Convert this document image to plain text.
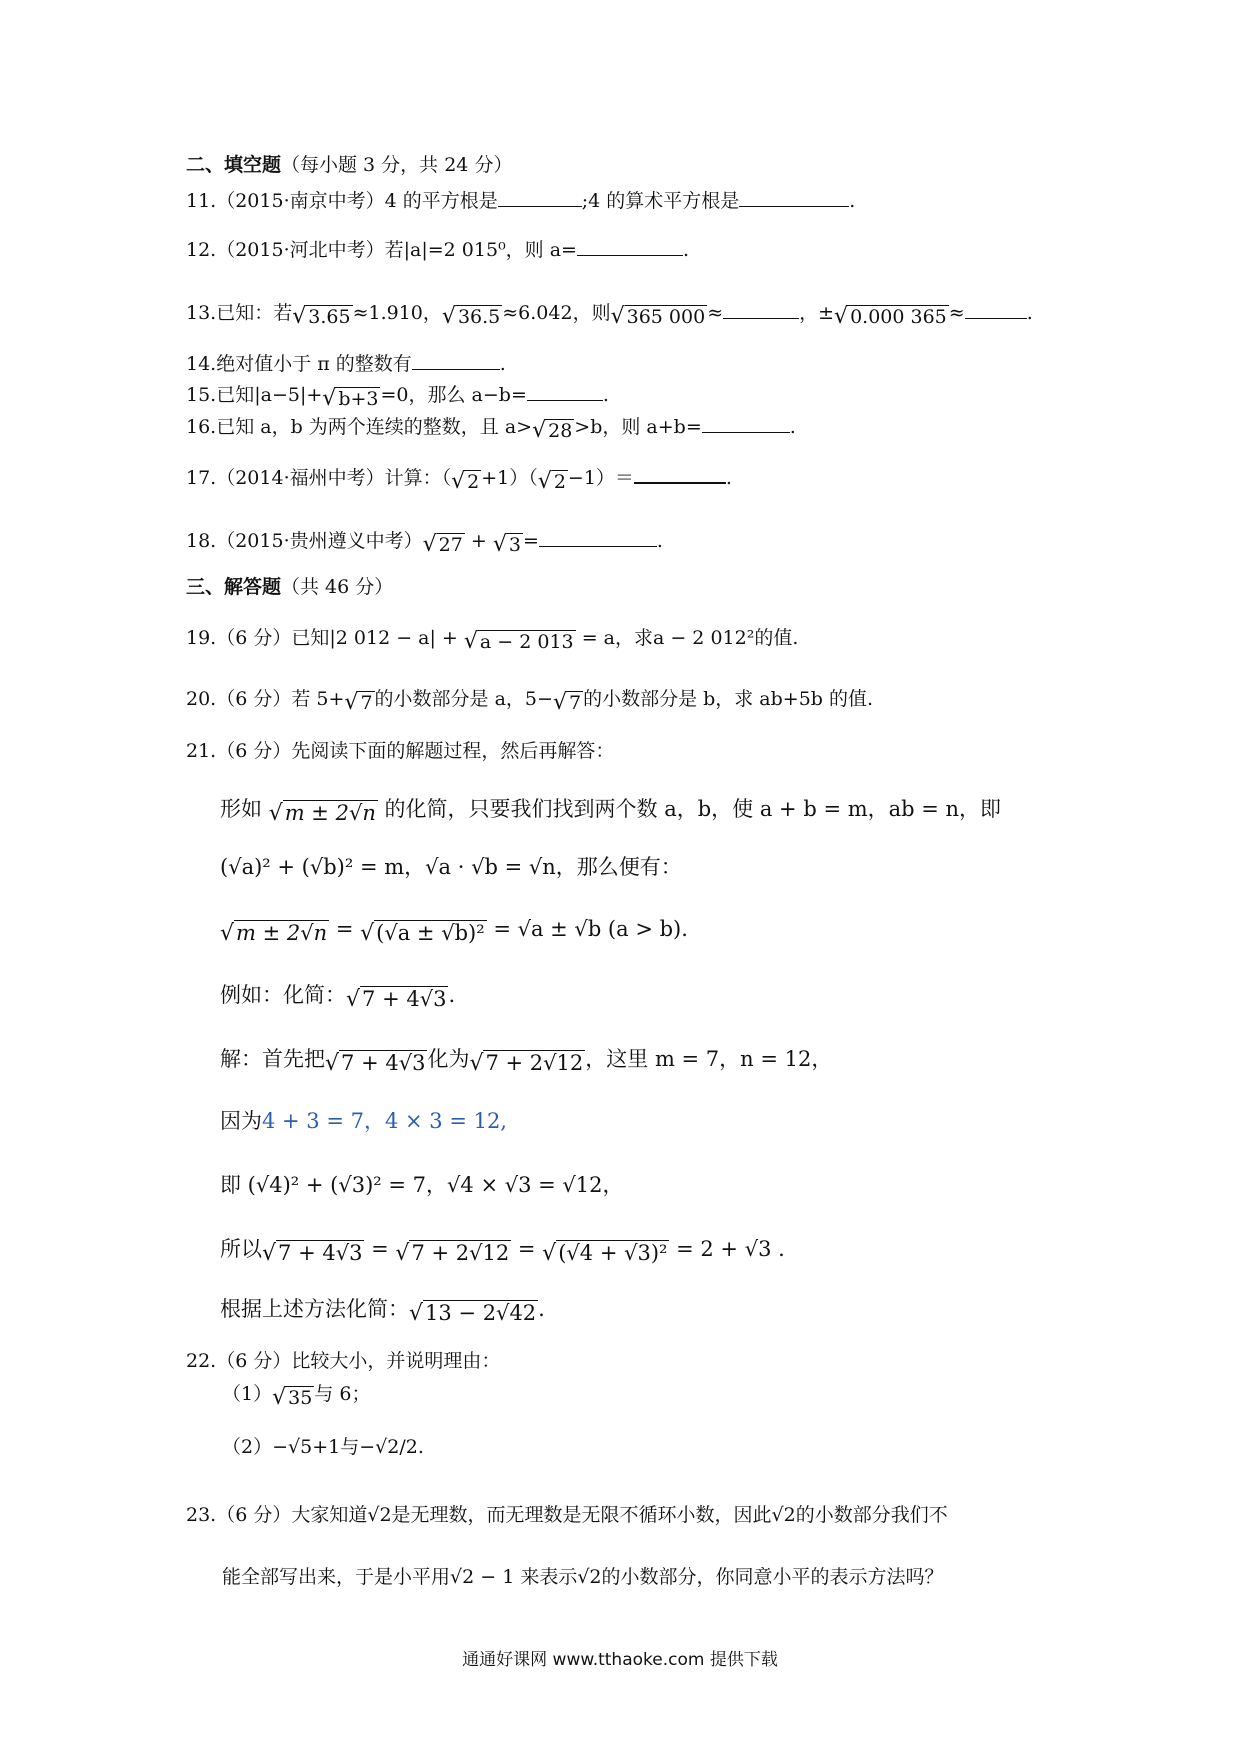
二、填空题（每小题 3 分，共 24 分）
11.（2015·南京中考）4 的平方根是	;4 的算术平方根是	.
12.（2015·河北中考）若|a|=2 015⁰，则 a=	.
13.已知：若√ 3.65 ≈1.910，√ 36.5 ≈6.042，则√ 365 000 ≈	，±√ 0.000 365 ≈	.
14.绝对值小于 π 的整数有	.
15.已知|a−5|+√ b+3 =0，那么 a−b=	.
16.已知 a，b 为两个连续的整数，且 a>√ 28 >b，则 a+b=	.
17.（2014·福州中考）计算：（√ 2 +1）（√ 2 −1）＝	.
18.（2015·贵州遵义中考）√ 27 + √ 3 =	.
三、解答题（共 46 分）
19.（6 分）已知|2 012 − a| + √ a − 2 013 = a，求a − 2 012²的值.
20.（6 分）若 5+√ 7 的小数部分是 a，5−√ 7 的小数部分是 b，求 ab+5b 的值.
21.（6 分）先阅读下面的解题过程，然后再解答：
形如 √m ± 2√n 的化简，只要我们找到两个数 a，b，使 a + b = m，ab = n，即
(√a)² + (√b)² = m，√a · √b = √n，那么便有：
√m ± 2√n = √(√a ± √b)² = √a ± √b (a > b).
例如：化简：√7 + 4√3.
解：首先把√7 + 4√3化为√7 + 2√12，这里 m = 7，n = 12，
因为4 + 3 = 7，4 × 3 = 12,
即 (√4)² + (√3)² = 7，√4 × √3 = √12，
所以√7 + 4√3 = √7 + 2√12 = √(√4 + √3)² = 2 + √3 .
根据上述方法化简：√13 − 2√42.
22.（6 分）比较大小，并说明理由：
（1）√ 35 与 6；
（2）−√5+1与−√2/2.
23.（6 分）大家知道√2是无理数，而无理数是无限不循环小数，因此√2的小数部分我们不
能全部写出来，于是小平用√2 − 1 来表示√2的小数部分，你同意小平的表示方法吗？
通通好课网 www.tthaoke.com 提供下载
